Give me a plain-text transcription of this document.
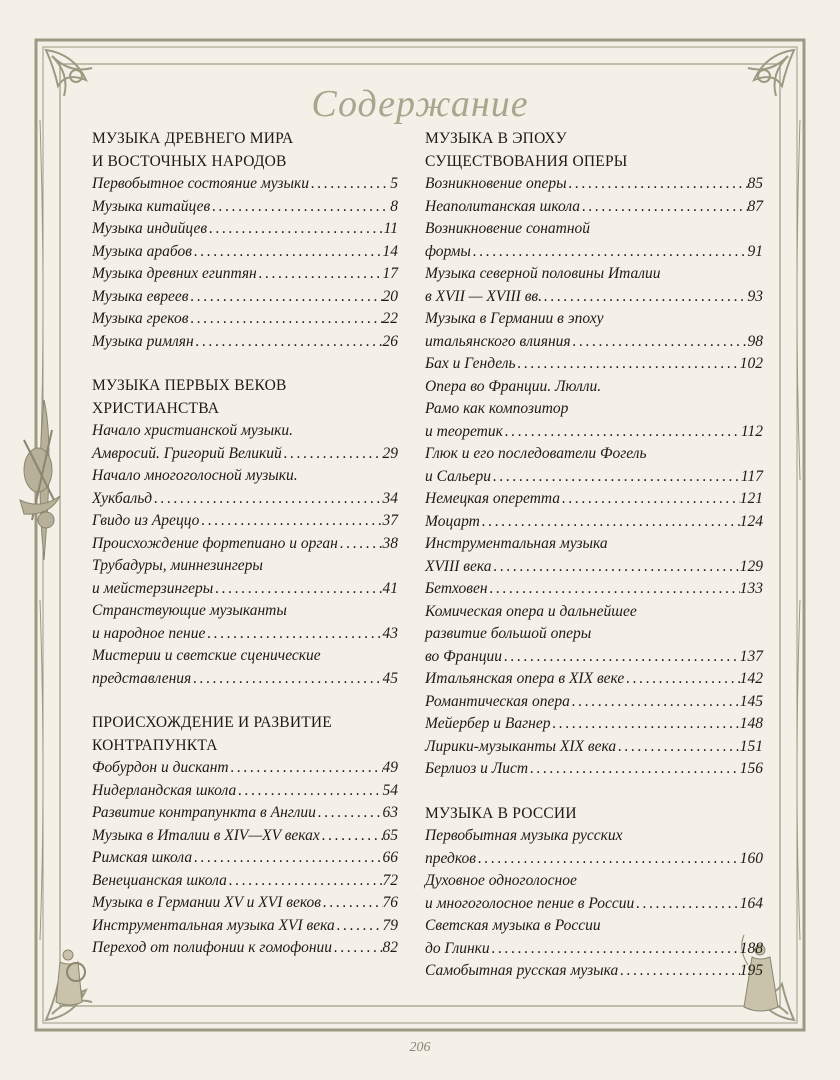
Содержание
МУЗЫКА ДРЕВНЕГО МИРА
И ВОСТОЧНЫХ НАРОДОВ
Первобытное состояние музыки . . .	5
Музыка китайцев . . .	8
Музыка индийцев . . .	11
Музыка арабов . . .	14
Музыка древних египтян . . .	17
Музыка евреев . . .	20
Музыка греков . . .	22
Музыка римлян . . .	26
МУЗЫКА ПЕРВЫХ ВЕКОВ
ХРИСТИАНСТВА
Начало христианской музыки.
Амвросий. Григорий Великий . . .	29
Начало многоголосной музыки.
Хукбальд . . .	34
Гвидо из Ареццо . . .	37
Происхождение фортепиано и орган . . .	38
Трубадуры, миннезингеры
и мейстерзингеры . . .	41
Странствующие музыканты
и народное пение . . .	43
Мистерии и светские сценические
представления . . .	45
ПРОИСХОЖДЕНИЕ И РАЗВИТИЕ
КОНТРАПУНКТА
Фобурдон и дискант . . .	49
Нидерландская школа . . .	54
Развитие контрапункта в Англии . . .	63
Музыка в Италии в XIV—XV веках . . .	65
Римская школа . . .	66
Венецианская школа . . .	72
Музыка в Германии XV и XVI веков . . .	76
Инструментальная музыка XVI века . . .	79
Переход от полифонии к гомофонии . . .	82
МУЗЫКА В ЭПОХУ
СУЩЕСТВОВАНИЯ ОПЕРЫ
Возникновение оперы . . .	85
Неаполитанская школа . . .	87
Возникновение сонатной
формы . . .	91
Музыка северной половины Италии
в XVII — XVIII вв. . . .	93
Музыка в Германии в эпоху
итальянского влияния . . .	98
Бах и Гендель . . .	102
Опера во Франции. Люлли.
Рамо как композитор
и теоретик . . .	112
Глюк и его последователи Фогель
и Сальери . . .	117
Немецкая оперетта . . .	121
Моцарт . . .	124
Инструментальная музыка
XVIII века . . .	129
Бетховен . . .	133
Комическая опера и дальнейшее
развитие большой оперы
во Франции . . .	137
Итальянская опера в XIX веке . . .	142
Романтическая опера . . .	145
Мейербер и Вагнер . . .	148
Лирики-музыканты XIX века . . .	151
Берлиоз и Лист . . .	156
МУЗЫКА В РОССИИ
Первобытная музыка русских
предков . . .	160
Духовное одноголосное
и многоголосное пение в России . . .	164
Светская музыка в России
до Глинки . . .	188
Самобытная русская музыка . . .	195
206
